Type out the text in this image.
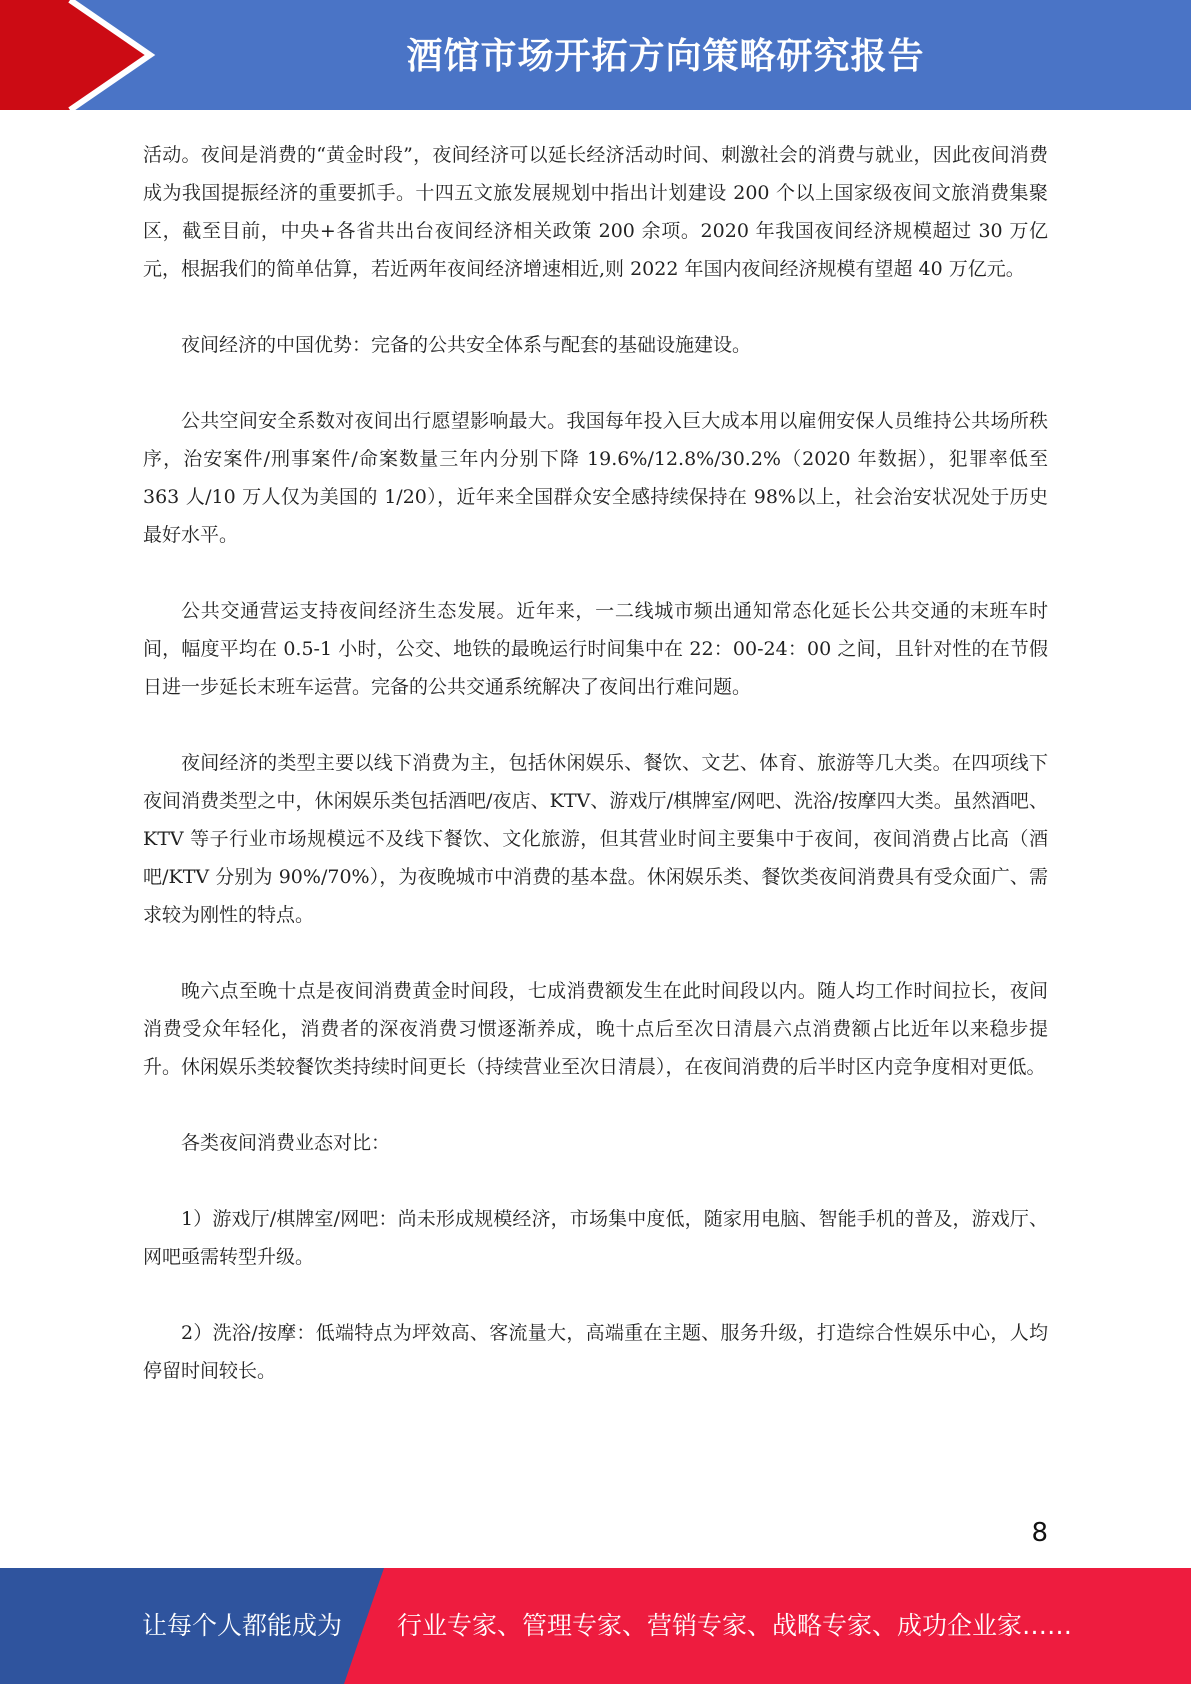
酒馆市场开拓方向策略研究报告

活动。夜间是消费的“黄金时段”，夜间经济可以延长经济活动时间、刺激社会的消费与就业，因此夜间消费成为我国提振经济的重要抓手。十四五文旅发展规划中指出计划建设 200 个以上国家级夜间文旅消费集聚区，截至目前，中央+各省共出台夜间经济相关政策 200 余项。2020 年我国夜间经济规模超过 30 万亿元，根据我们的简单估算，若近两年夜间经济增速相近,则 2022 年国内夜间经济规模有望超 40 万亿元。

夜间经济的中国优势：完备的公共安全体系与配套的基础设施建设。

公共空间安全系数对夜间出行愿望影响最大。我国每年投入巨大成本用以雇佣安保人员维持公共场所秩序，治安案件/刑事案件/命案数量三年内分别下降 19.6%/12.8%/30.2%（2020 年数据），犯罪率低至 363 人/10 万人仅为美国的 1/20），近年来全国群众安全感持续保持在 98%以上，社会治安状况处于历史最好水平。

公共交通营运支持夜间经济生态发展。近年来，一二线城市频出通知常态化延长公共交通的末班车时间，幅度平均在 0.5-1 小时，公交、地铁的最晚运行时间集中在 22：00-24：00 之间，且针对性的在节假日进一步延长末班车运营。完备的公共交通系统解决了夜间出行难问题。

夜间经济的类型主要以线下消费为主，包括休闲娱乐、餐饮、文艺、体育、旅游等几大类。在四项线下夜间消费类型之中，休闲娱乐类包括酒吧/夜店、KTV、游戏厅/棋牌室/网吧、洗浴/按摩四大类。虽然酒吧、KTV 等子行业市场规模远不及线下餐饮、文化旅游，但其营业时间主要集中于夜间，夜间消费占比高（酒吧/KTV 分别为 90%/70%），为夜晚城市中消费的基本盘。休闲娱乐类、餐饮类夜间消费具有受众面广、需求较为刚性的特点。

晚六点至晚十点是夜间消费黄金时间段，七成消费额发生在此时间段以内。随人均工作时间拉长，夜间消费受众年轻化，消费者的深夜消费习惯逐渐养成，晚十点后至次日清晨六点消费额占比近年以来稳步提升。休闲娱乐类较餐饮类持续时间更长（持续营业至次日清晨），在夜间消费的后半时区内竞争度相对更低。

各类夜间消费业态对比：

1）游戏厅/棋牌室/网吧：尚未形成规模经济，市场集中度低，随家用电脑、智能手机的普及，游戏厅、网吧亟需转型升级。

2）洗浴/按摩：低端特点为坪效高、客流量大，高端重在主题、服务升级，打造综合性娱乐中心，人均停留时间较长。

8
让每个人都能成为 行业专家、管理专家、营销专家、战略专家、成功企业家……
